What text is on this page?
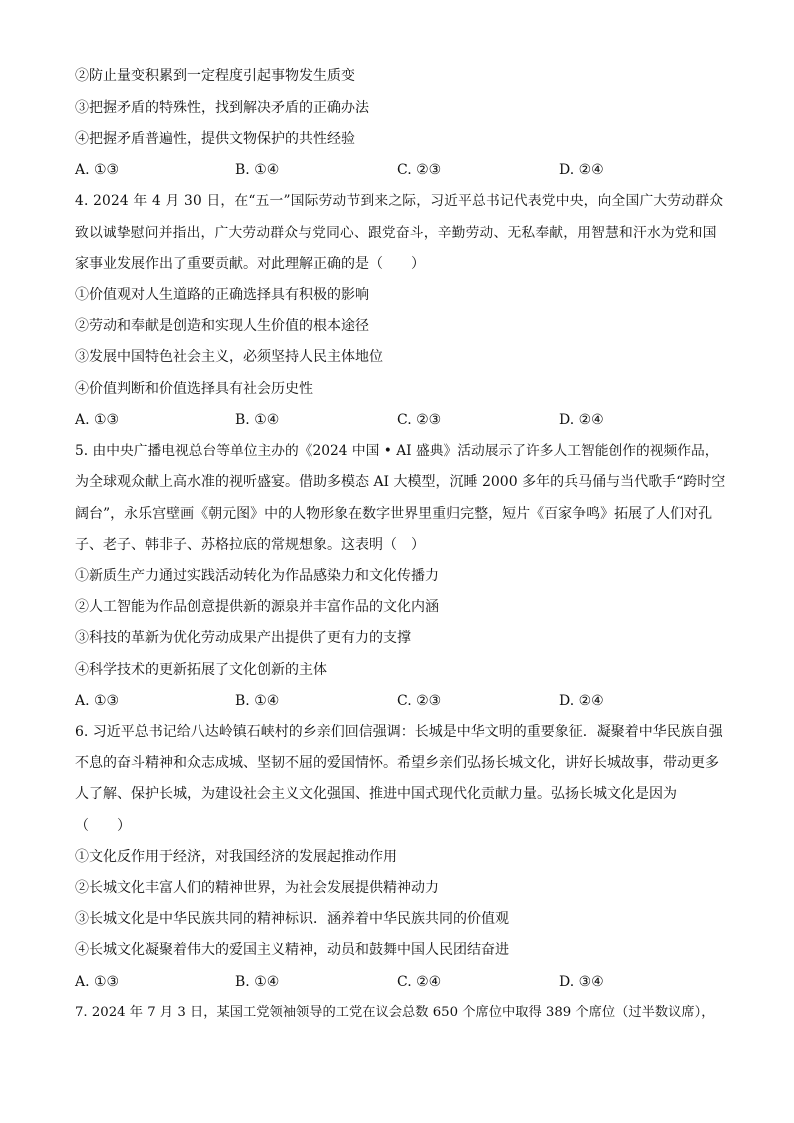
②防止量变积累到一定程度引起事物发生质变
③把握矛盾的特殊性，找到解决矛盾的正确办法
④把握矛盾普遍性，提供文物保护的共性经验
A. ①③	B. ①④	C. ②③	D. ②④
4. 2024 年 4 月 30 日，在“五一”国际劳动节到来之际，习近平总书记代表党中央，向全国广大劳动群众
致以诚挚慰问并指出，广大劳动群众与党同心、跟党奋斗，辛勤劳动、无私奉献，用智慧和汗水为党和国
家事业发展作出了重要贡献。对此理解正确的是（　　）
①价值观对人生道路的正确选择具有积极的影响
②劳动和奉献是创造和实现人生价值的根本途径
③发展中国特色社会主义，必须坚持人民主体地位
④价值判断和价值选择具有社会历史性
A. ①③	B. ①④	C. ②③	D. ②④
5. 由中央广播电视总台等单位主办的《2024 中国 • AI 盛典》活动展示了许多人工智能创作的视频作品，
为全球观众献上高水准的视听盛宴。借助多模态 AI 大模型，沉睡 2000 多年的兵马俑与当代歌手“跨时空
阔台”，永乐宫壁画《朝元图》中的人物形象在数字世界里重归完整，短片《百家争鸣》拓展了人们对孔
子、老子、韩非子、苏格拉底的常规想象。这表明（　）
①新质生产力通过实践活动转化为作品感染力和文化传播力
②人工智能为作品创意提供新的源泉并丰富作品的文化内涵
③科技的革新为优化劳动成果产出提供了更有力的支撑
④科学技术的更新拓展了文化创新的主体
A. ①③	B. ①④	C. ②③	D. ②④
6. 习近平总书记给八达岭镇石峡村的乡亲们回信强调：长城是中华文明的重要象征．凝聚着中华民族自强
不息的奋斗精神和众志成城、坚韧不屈的爱国情怀。希望乡亲们弘扬长城文化，讲好长城故事，带动更多
人了解、保护长城，为建设社会主义文化强国、推进中国式现代化贡献力量。弘扬长城文化是因为
（　　）
①文化反作用于经济，对我国经济的发展起推动作用
②长城文化丰富人们的精神世界，为社会发展提供精神动力
③长城文化是中华民族共同的精神标识．涵养着中华民族共同的价值观
④长城文化凝聚着伟大的爱国主义精神，动员和鼓舞中国人民团结奋进
A. ①③	B. ①④	C. ②④	D. ③④
7. 2024 年 7 月 3 日，某国工党领袖领导的工党在议会总数 650 个席位中取得 389 个席位（过半数议席），
